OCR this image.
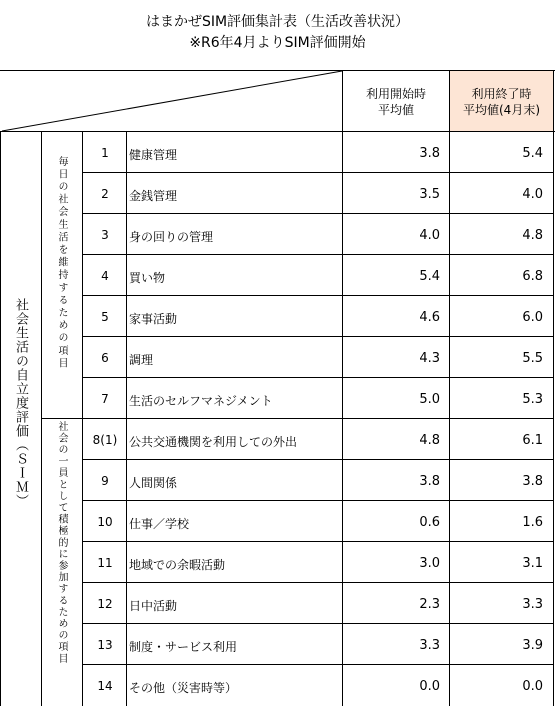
はまかぜSIM評価集計表（生活改善状況）
※R6年4月よりSIM評価開始
利用開始時
平均値
利用終了時
平均値(4月末)
社会生活の自立度評価（ＳＩＭ）
毎日の社会生活を維持するための項目
社会の一員として積極的に参加するための項目
1	健康管理	3.8	5.4
2	金銭管理	3.5	4.0
3	身の回りの管理	4.0	4.8
4	買い物	5.4	6.8
5	家事活動	4.6	6.0
6	調理	4.3	5.5
7	生活のセルフマネジメント	5.0	5.3
8(1) 公共交通機関を利用しての外出	4.8	6.1
9	人間関係	3.8	3.8
10	仕事／学校	0.6	1.6
11	地域での余暇活動	3.0	3.1
12	日中活動	2.3	3.3
13	制度・サービス利用	3.3	3.9
14	その他（災害時等）	0.0	0.0
